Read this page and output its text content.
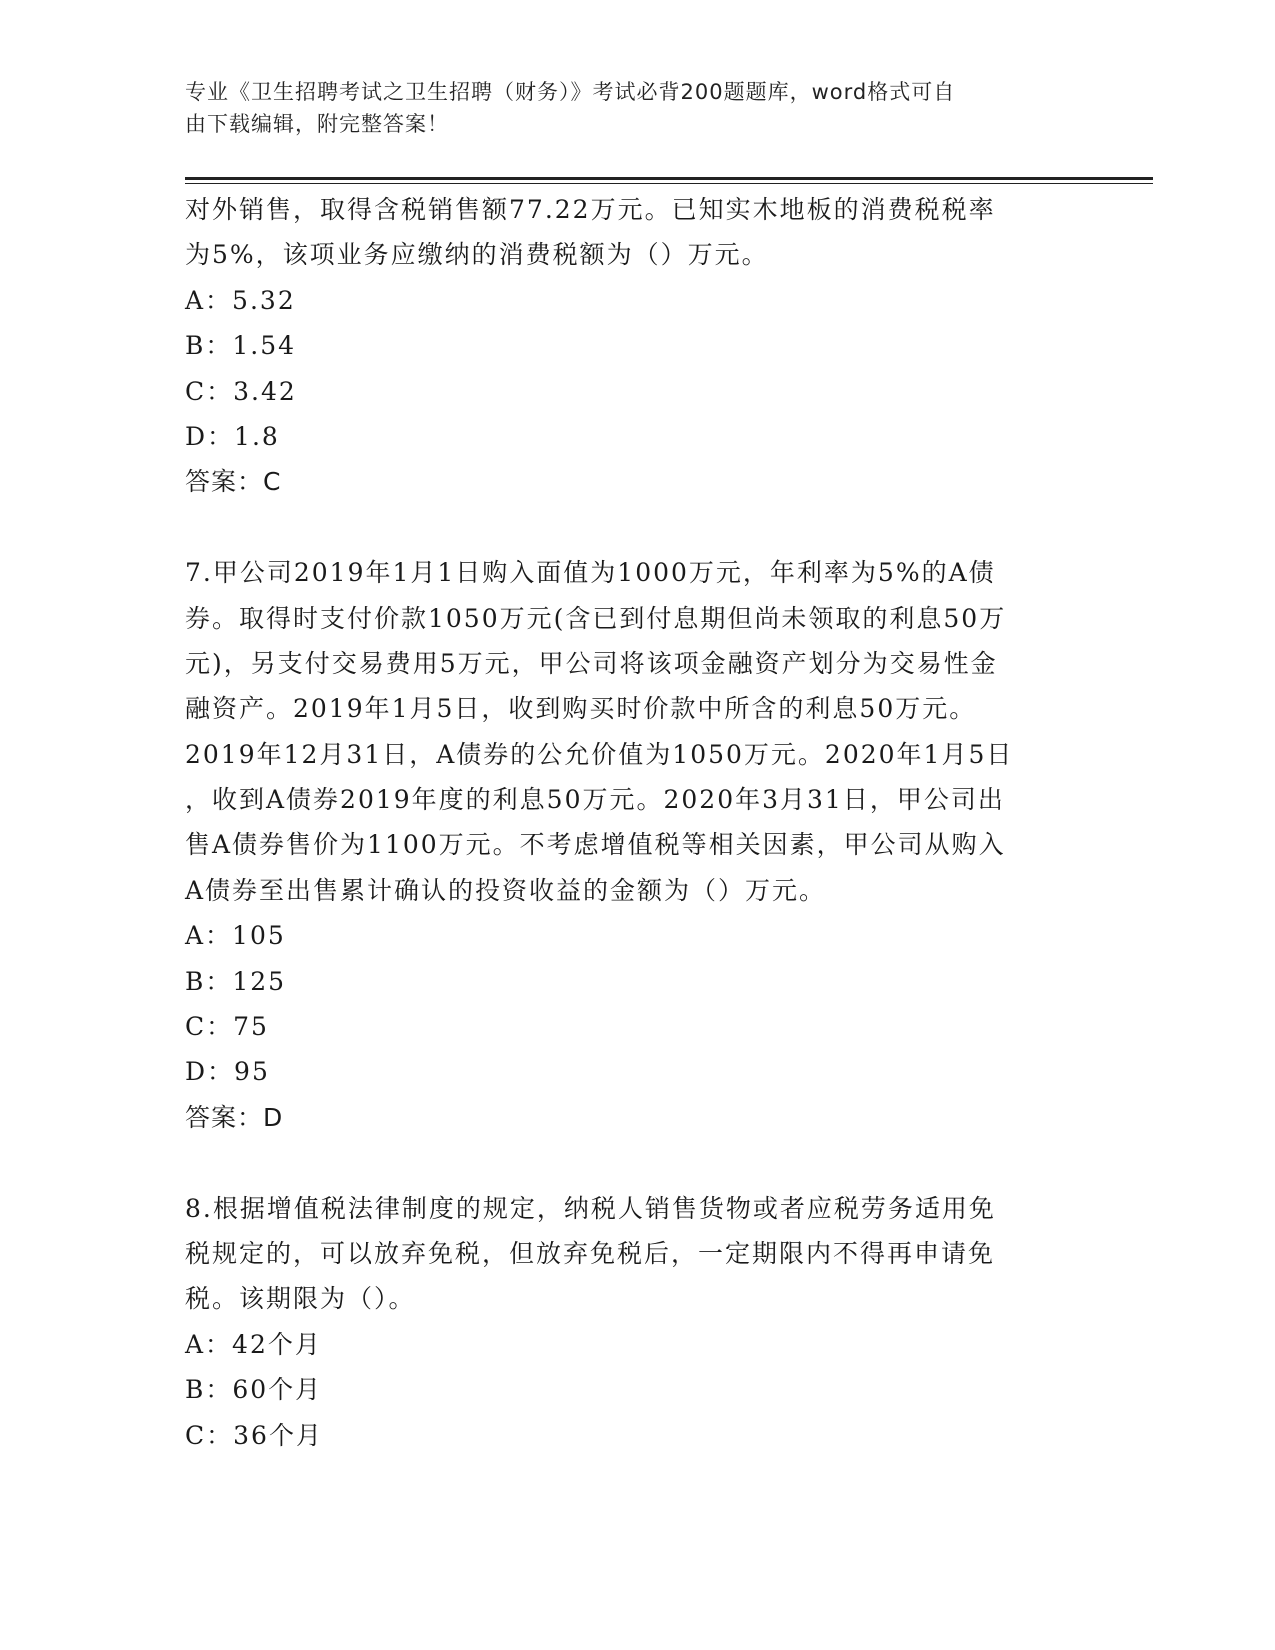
专业《卫生招聘考试之卫生招聘（财务）》考试必背200题题库，word格式可自
由下载编辑，附完整答案！
对外销售，取得含税销售额77.22万元。已知实木地板的消费税税率
为5%，该项业务应缴纳的消费税额为（）万元。
A：5.32
B：1.54
C：3.42
D：1.8
答案：C
7.甲公司2019年1月1日购入面值为1000万元，年利率为5%的A债
券。取得时支付价款1050万元(含已到付息期但尚未领取的利息50万
元)，另支付交易费用5万元，甲公司将该项金融资产划分为交易性金
融资产。2019年1月5日，收到购买时价款中所含的利息50万元。
2019年12月31日，A债券的公允价值为1050万元。2020年1月5日
，收到A债券2019年度的利息50万元。2020年3月31日，甲公司出
售A债券售价为1100万元。不考虑增值税等相关因素，甲公司从购入
A债券至出售累计确认的投资收益的金额为（）万元。
A：105
B：125
C：75
D：95
答案：D
8.根据增值税法律制度的规定，纳税人销售货物或者应税劳务适用免
税规定的，可以放弃免税，但放弃免税后，一定期限内不得再申请免
税。该期限为（）。
A：42个月
B：60个月
C：36个月
